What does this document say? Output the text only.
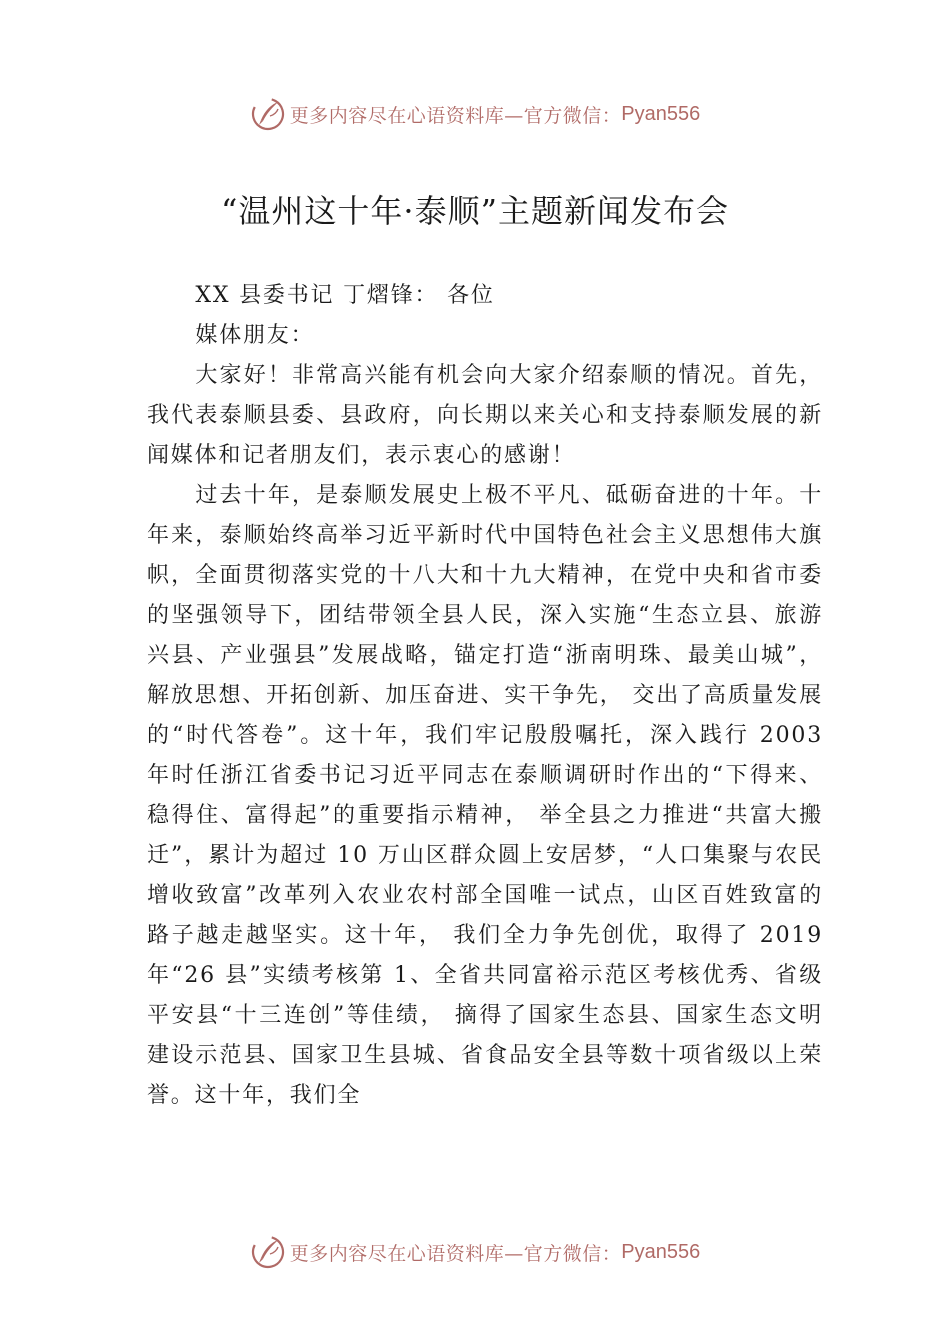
更多内容尽在心语资料库—官方微信： Pyan556
“温州这十年·泰顺”主题新闻发布会

XX 县委书记 丁熠锋： 各位

媒体朋友：

大家好！非常高兴能有机会向大家介绍泰顺的情况。首先，我代表泰顺县委、县政府，向长期以来关心和支持泰顺发展的新闻媒体和记者朋友们，表示衷心的感谢！

过去十年，是泰顺发展史上极不平凡、砥砺奋进的十年。十年来，泰顺始终高举习近平新时代中国特色社会主义思想伟大旗帜，全面贯彻落实党的十八大和十九大精神，在党中央和省市委的坚强领导下，团结带领全县人民，深入实施“生态立县、旅游兴县、产业强县”发展战略，锚定打造“浙南明珠、最美山城”，解放思想、开拓创新、加压奋进、实干争先， 交出了高质量发展的“时代答卷”。这十年，我们牢记殷殷嘱托，深入践行 2003 年时任浙江省委书记习近平同志在泰顺调研时作出的“下得来、稳得住、富得起”的重要指示精神， 举全县之力推进“共富大搬迁”，累计为超过 10 万山区群众圆上安居梦，“人口集聚与农民增收致富”改革列入农业农村部全国唯一试点，山区百姓致富的路子越走越坚实。这十年， 我们全力争先创优，取得了 2019 年“26 县”实绩考核第 1、全省共同富裕示范区考核优秀、省级平安县“十三连创”等佳绩， 摘得了国家生态县、国家生态文明建设示范县、国家卫生县城、省食品安全县等数十项省级以上荣誉。这十年，我们全

更多内容尽在心语资料库—官方微信： Pyan556
